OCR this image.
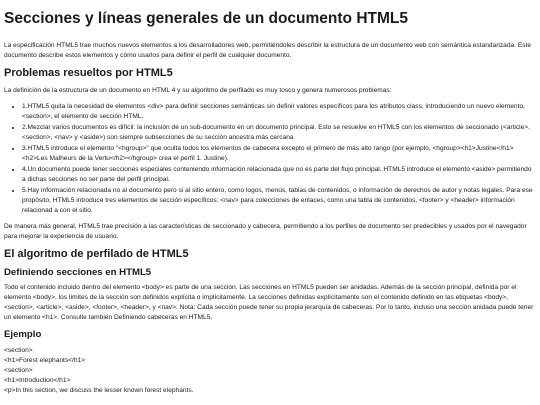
Secciones y líneas generales de un documento HTML5

La especificación HTML5 trae muchos nuevos elementos a los desarrolladores web, permitiéndoles describir la estructura de un documento web con semántica estandarizada. Este documento describe estos elementos y cómo usarlos para definir el perfil de cualquier documento.

Problemas resueltos por HTML5

La definición de la estructura de un documento en HTML 4 y su algoritmo de perfilado es muy tosco y genera numerosos problemas:

• 1.HTML5 quita la necesidad de elementos <div> para definir secciones semánticas sin definir valores específicos para los atributos class, introduciendo un nuevo elemento, <section>, el elemento de sección HTML.
• 2.Mezclar varios documentos es difícil: la inclusión de un sub-documento en un documento principal. Esto se resuelve en HTML5 con los elementos de seccionado (<article>, <section>, <nav> y <aside>) son siempre subsecciones de su sección ancestra más cercana
• 3.HTML5 introduce el elemento "<hgroup>" que oculta todos los elementos de cabecera excepto el primero de más alto rango (por ejemplo, <hgroup><h1>Justine</h1><h2>Les Malheurs de la Vertu</h2></hgroup> crea el perfil 1. Justine).
• 4.Un documento puede tener secciones especiales conteniendo información relacionada que no es parte del flujo principal. HTML5 introduce el elemento <aside> permitiendo a dichas secciones no ser parte del perfil principal.
• 5.Hay información relacionada no al documento pero si al sitio entero, como logos, menús, tablas de contenidos, o información de derechos de autor y notas legales. Para ese propósito, HTML5 introduce tres elementos de sección específicos: <nav> para colecciones de enlaces, como una tabla de contenidos, <footer> y <header> información relacionad a con el sitio.

De manera más general, HTML5 trae precisión a las características de seccionado y cabecera, permitiendo a los perfiles de documento ser predecibles y usados por el navegador para mejorar la experiencia de usuario.

El algoritmo de perfilado de HTML5
Definiendo secciones en HTML5

Todo el contenido incluido dentro del elemento <body> es parte de una sección. Las secciones en HTML5 pueden ser anidadas. Además de la sección principal, definida por el elemento <body>, los límites de la sección son definidos explícita o implícitamente. La secciones definidas explícitamente son el contenido definido en las etiquetas <body>, <section>, <article>, <aside>, <footer>, <header>, y <nav>. Nota: Cada sección puede tener su propia jerarquía de cabeceras. Por lo tanto, incluso una sección anidada puede tener un elemento <h1>. Consulte también Definiendo cabeceras en HTML5.

Ejemplo
<section>
<h1>Forest elephants</h1>
<section>
<h1>Introduction</h1>
<p>In this section, we discuss the lesser known forest elephants.
